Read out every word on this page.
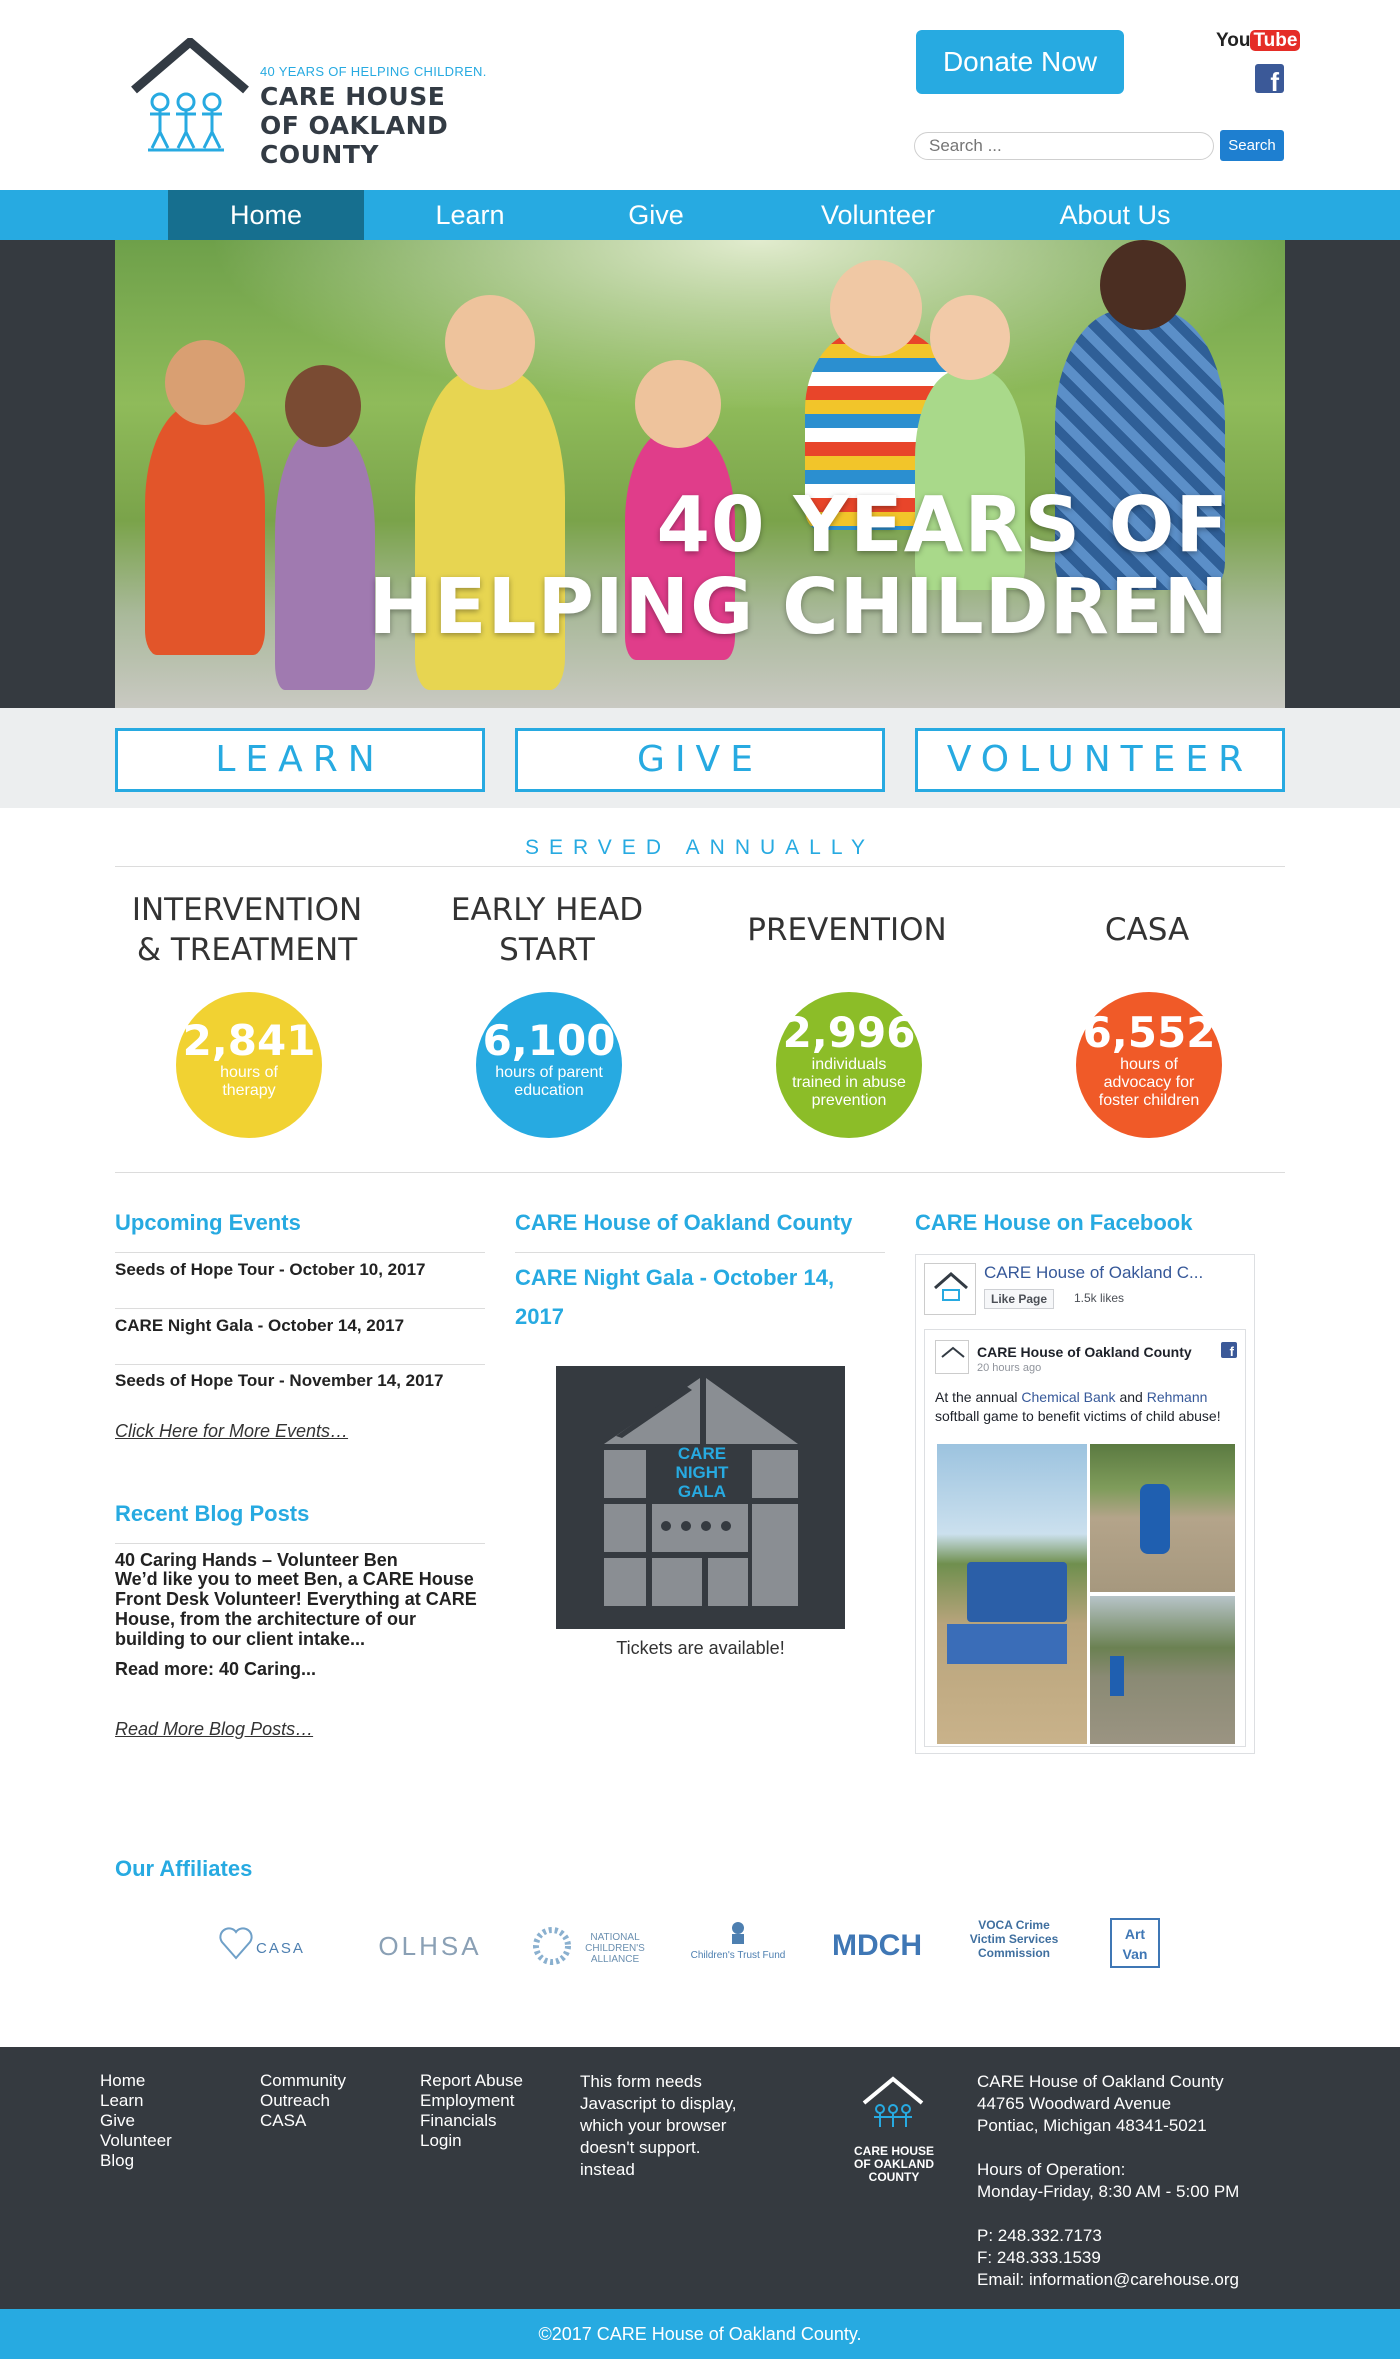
40 YEARS OF HELPING CHILDREN.
CARE HOUSE
OF OAKLAND
COUNTY
Donate Now
You Tube
f
Search ...
Search
Home	Learn	Give	Volunteer	About Us
40 YEARS OF
HELPING CHILDREN
LEARN	GIVE	VOLUNTEER
SERVED ANNUALLY
INTERVENTION
& TREATMENT
EARLY HEAD
START
PREVENTION	CASA
2,841
hours of
therapy
6,100
hours of parent
education
2,996
individuals
trained in abuse
prevention
6,552
hours of
advocacy for
foster children
Upcoming Events
Seeds of Hope Tour - October 10, 2017
CARE Night Gala - October 14, 2017
Seeds of Hope Tour - November 14, 2017
Click Here for More Events…
Recent Blog Posts
40 Caring Hands – Volunteer Ben
We’d like you to meet Ben, a CARE House Front Desk Volunteer! Everything at CARE House, from the architecture of our building to our client intake...
Read more: 40 Caring...
Read More Blog Posts…
CARE House of Oakland County
CARE Night Gala - October 14,
2017
CARE
NIGHT
GALA
Tickets are available!
CARE House on Facebook
CARE House of Oakland C...
Like Page	1.5k likes
CARE House of Oakland County
20 hours ago
f
At the annual Chemical Bank and Rehmann softball game to benefit victims of child abuse!
Our Affiliates
CASA	OLHSA	NATIONAL CHILDREN'S ALLIANCE	Children's Trust Fund MDCH
VOCA Crime Victim Services Commission
Art Van
Home
Learn
Give
Volunteer
Blog
Community
Outreach
CASA
Report Abuse
Employment
Financials
Login
This form needs
Javascript to display,
which your browser
doesn't support.
instead
CARE HOUSE
OF OAKLAND
COUNTY
CARE House of Oakland County
44765 Woodward Avenue
Pontiac, Michigan 48341-5021
Hours of Operation:
Monday-Friday, 8:30 AM - 5:00 PM
P: 248.332.7173
F: 248.333.1539
Email: information@carehouse.org
©2017 CARE House of Oakland County.
